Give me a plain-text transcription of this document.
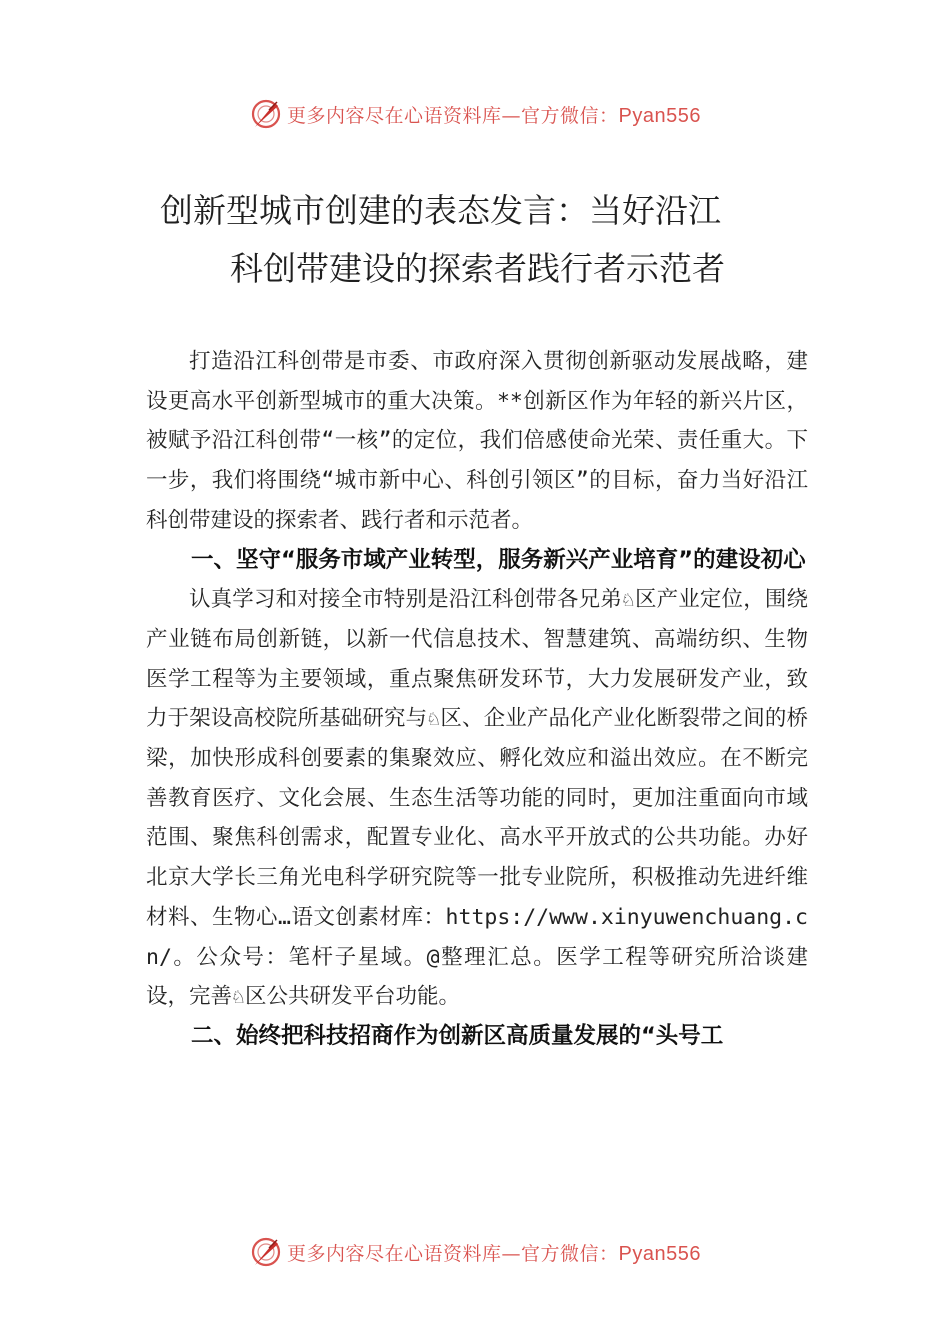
更多内容尽在心语资料库—官方微信：Pyan556
创新型城市创建的表态发言：当好沿江
科创带建设的探索者践行者示范者

打造沿江科创带是市委、市政府深入贯彻创新驱动发展战略，建设更高水平创新型城市的重大决策。**创新区作为年轻的新兴片区，被赋予沿江科创带“一核”的定位，我们倍感使命光荣、责任重大。下一步，我们将围绕“城市新中心、科创引领区”的目标，奋力当好沿江科创带建设的探索者、践行者和示范者。

一、坚守“服务市域产业转型，服务新兴产业培育”的建设初心

认真学习和对接全市特别是沿江科创带各兄弟♘区产业定位，围绕产业链布局创新链，以新一代信息技术、智慧建筑、高端纺织、生物医学工程等为主要领域，重点聚焦研发环节，大力发展研发产业，致力于架设高校院所基础研究与♘区、企业产品化产业化断裂带之间的桥梁，加快形成科创要素的集聚效应、孵化效应和溢出效应。在不断完善教育医疗、文化会展、生态生活等功能的同时，更加注重面向市域范围、聚焦科创需求，配置专业化、高水平开放式的公共功能。办好北京大学长三角光电科学研究院等一批专业院所，积极推动先进纤维材料、生物心…语文创素材库：https://www.xinyuwenchuang.cn/。公众号：笔杆子星域。@整理汇总。医学工程等研究所洽谈建设，完善♘区公共研发平台功能。

二、始终把科技招商作为创新区高质量发展的“头号工

更多内容尽在心语资料库—官方微信：Pyan556
